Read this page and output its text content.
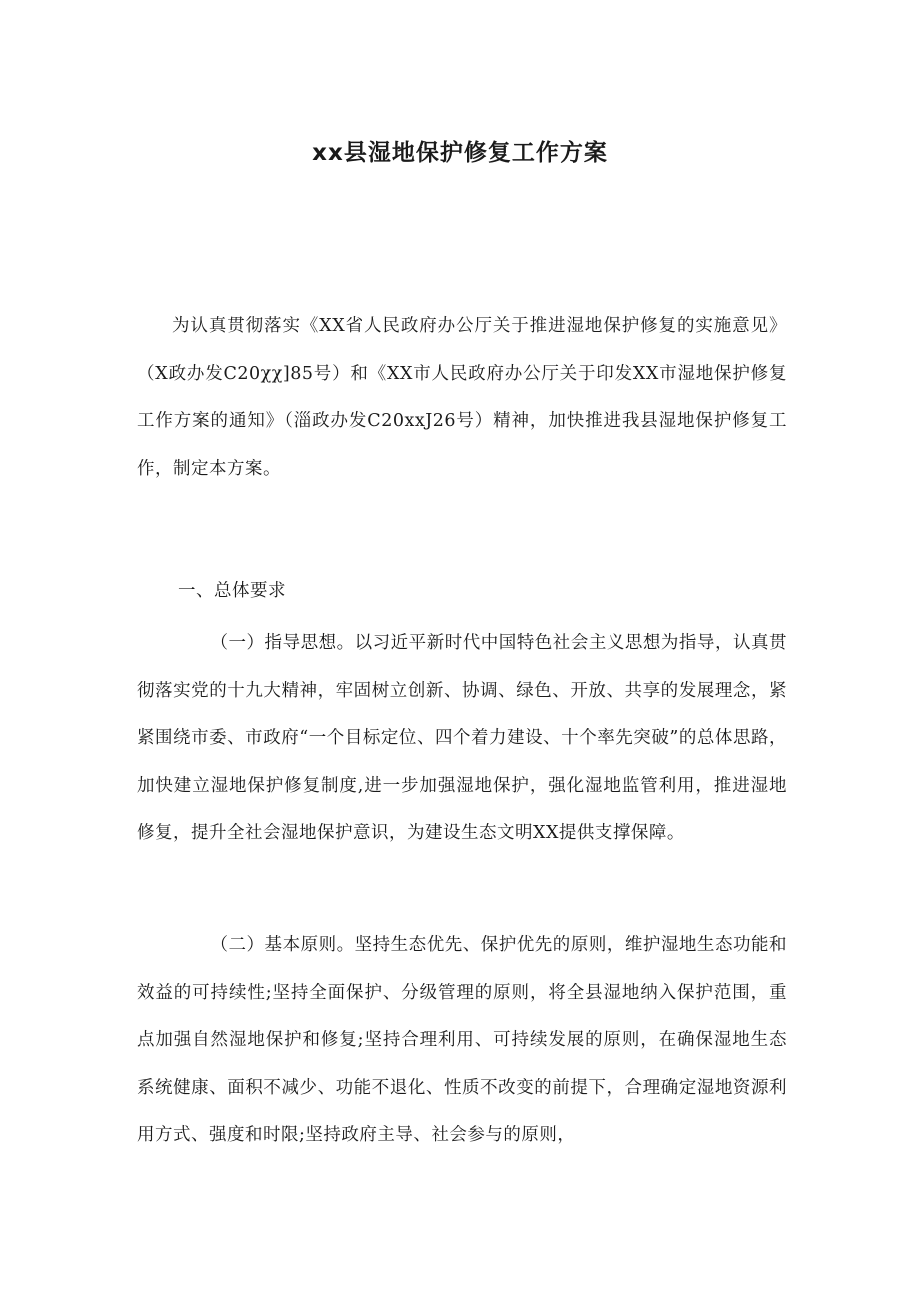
xx县湿地保护修复工作方案

为认真贯彻落实《XX省人民政府办公厅关于推进湿地保护修复的实施意见》（X政办发C20χχ]85号）和《XX市人民政府办公厅关于印发XX市湿地保护修复工作方案的通知》（淄政办发C20xxJ26号）精神，加快推进我县湿地保护修复工作，制定本方案。

一、总体要求

（一）指导思想。以习近平新时代中国特色社会主义思想为指导，认真贯彻落实党的十九大精神，牢固树立创新、协调、绿色、开放、共享的发展理念，紧紧围绕市委、市政府“一个目标定位、四个着力建设、十个率先突破”的总体思路，加快建立湿地保护修复制度,进一步加强湿地保护，强化湿地监管利用，推进湿地修复，提升全社会湿地保护意识，为建设生态文明XX提供支撑保障。

（二）基本原则。坚持生态优先、保护优先的原则，维护湿地生态功能和效益的可持续性;坚持全面保护、分级管理的原则，将全县湿地纳入保护范围，重点加强自然湿地保护和修复;坚持合理利用、可持续发展的原则，在确保湿地生态系统健康、面积不减少、功能不退化、性质不改变的前提下，合理确定湿地资源利用方式、强度和时限;坚持政府主导、社会参与的原则，
